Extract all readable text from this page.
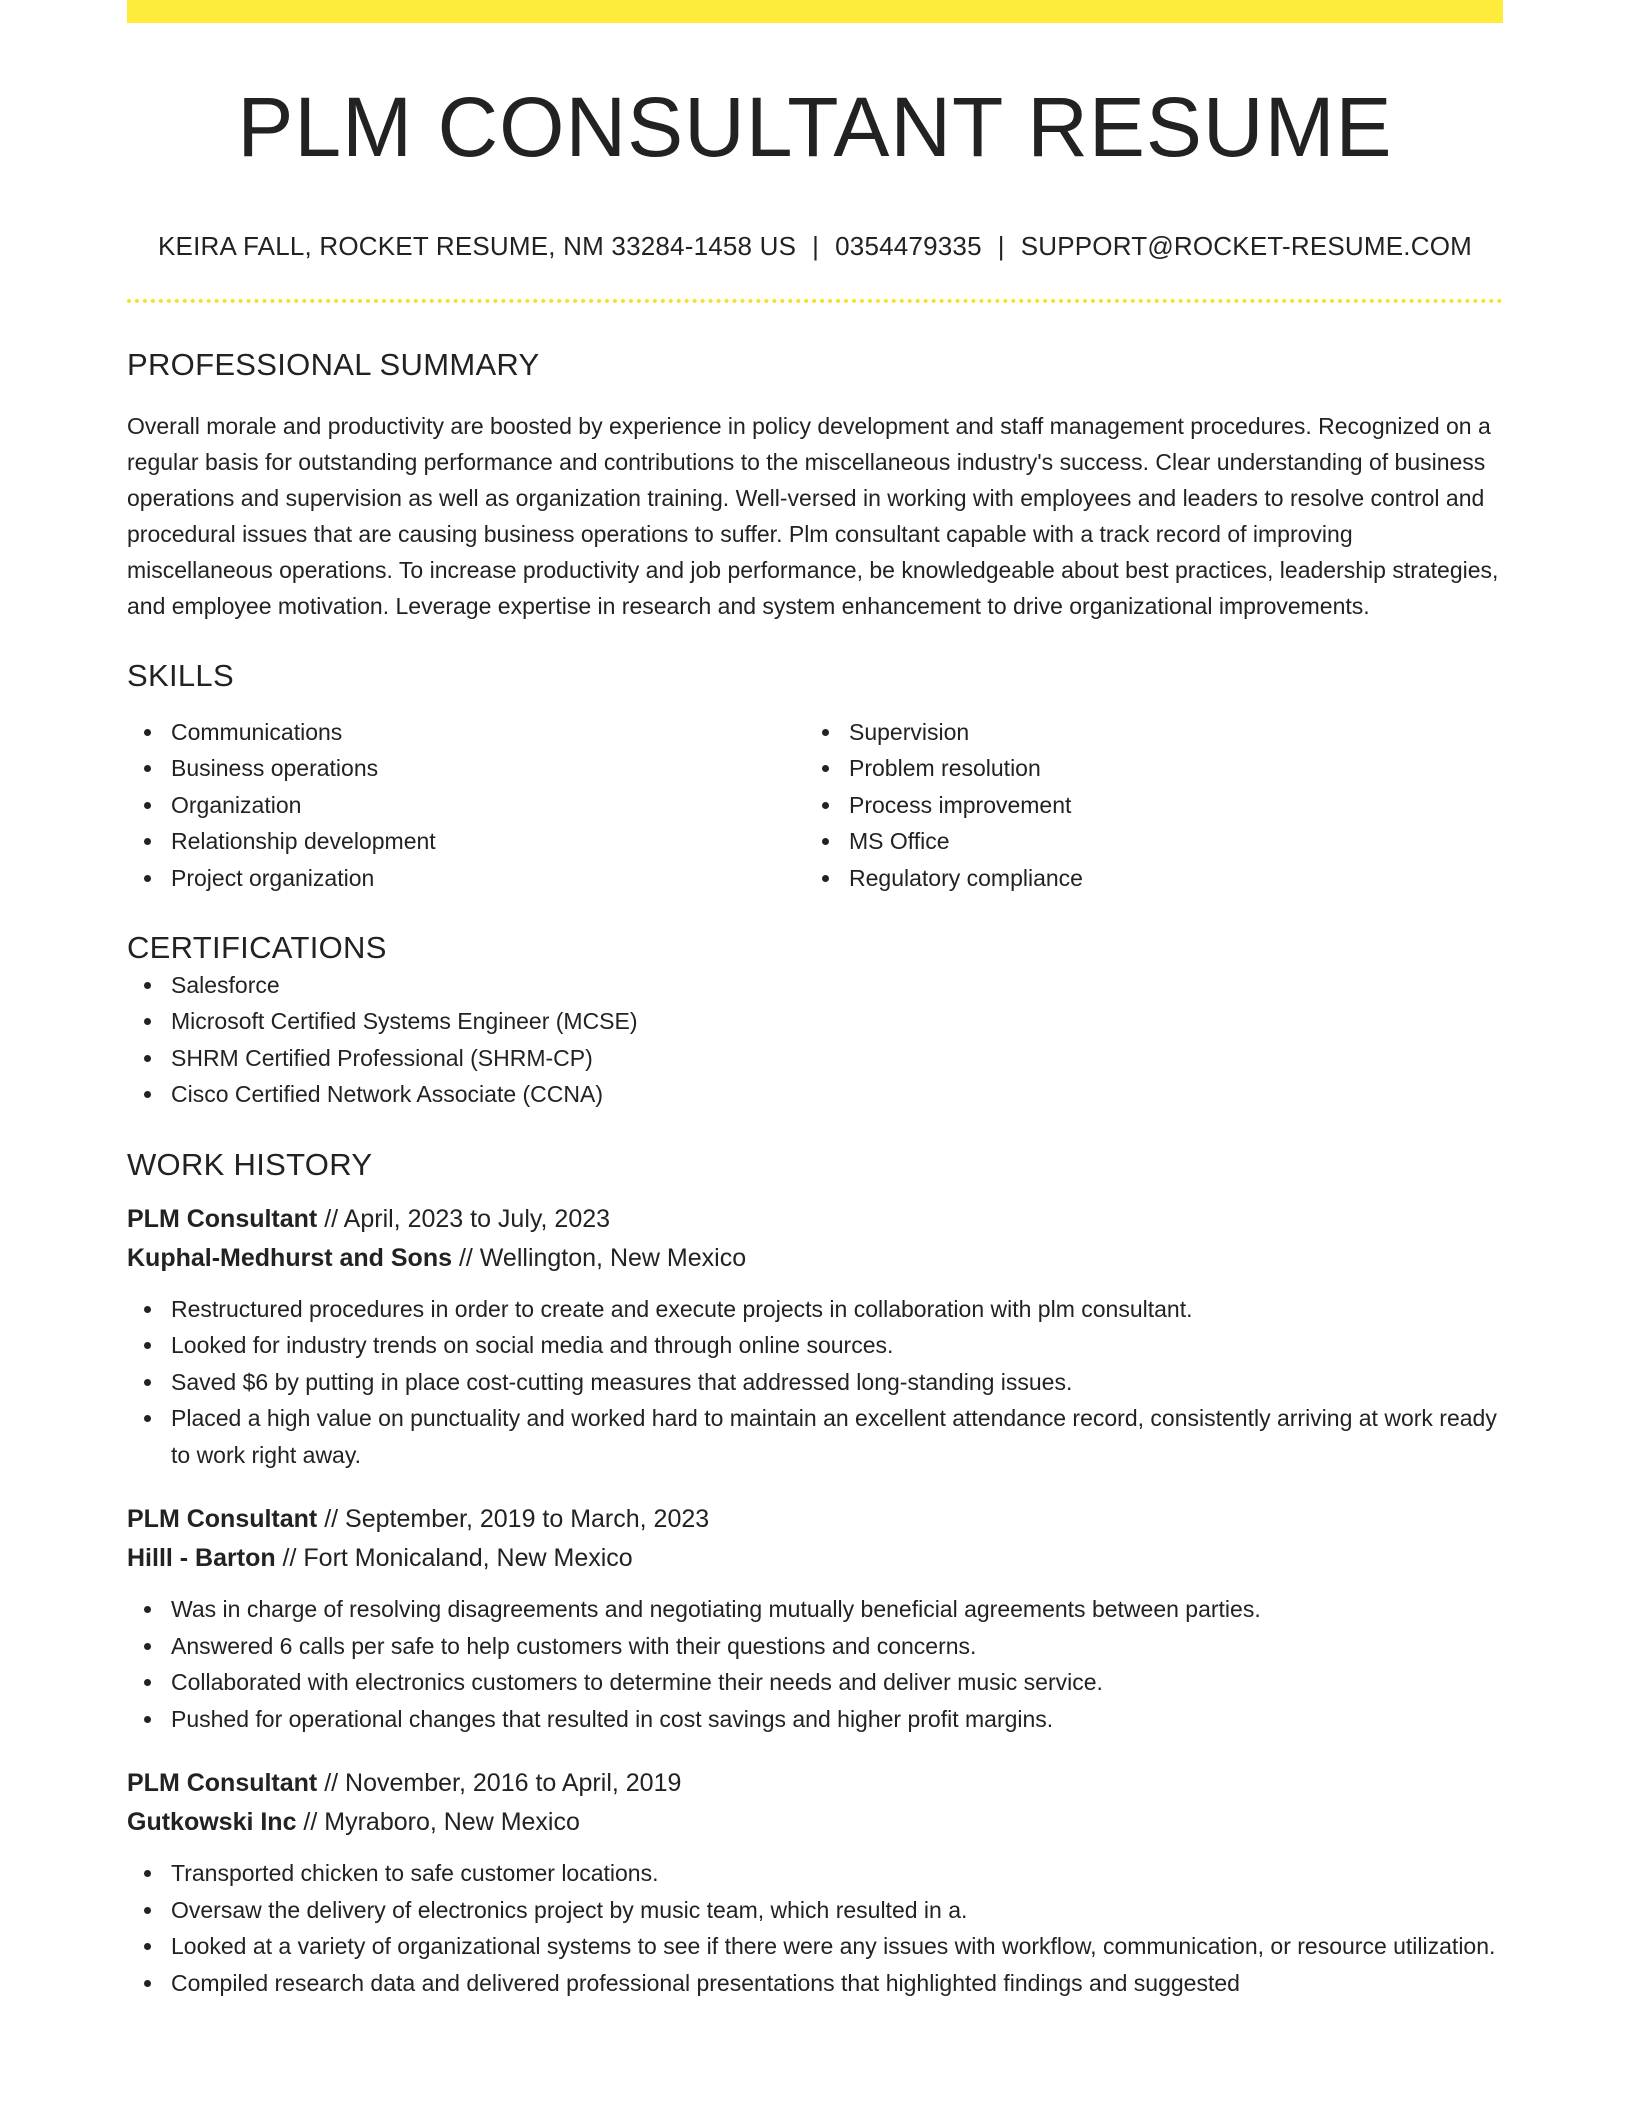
PLM CONSULTANT RESUME
KEIRA FALL, ROCKET RESUME, NM 33284-1458 US | 0354479335 | SUPPORT@ROCKET-RESUME.COM
PROFESSIONAL SUMMARY

Overall morale and productivity are boosted by experience in policy development and staff management procedures. Recognized on a regular basis for outstanding performance and contributions to the miscellaneous industry's success. Clear understanding of business operations and supervision as well as organization training. Well-versed in working with employees and leaders to resolve control and procedural issues that are causing business operations to suffer. Plm consultant capable with a track record of improving miscellaneous operations. To increase productivity and job performance, be knowledgeable about best practices, leadership strategies, and employee motivation. Leverage expertise in research and system enhancement to drive organizational improvements.

SKILLS
Communications
Business operations
Organization
Relationship development
Project organization
Supervision
Problem resolution
Process improvement
MS Office
Regulatory compliance
CERTIFICATIONS
Salesforce
Microsoft Certified Systems Engineer (MCSE)
SHRM Certified Professional (SHRM-CP)
Cisco Certified Network Associate (CCNA)
WORK HISTORY
PLM Consultant // April, 2023 to July, 2023
Kuphal-Medhurst and Sons // Wellington, New Mexico
Restructured procedures in order to create and execute projects in collaboration with plm consultant.
Looked for industry trends on social media and through online sources.
Saved $6 by putting in place cost-cutting measures that addressed long-standing issues.
Placed a high value on punctuality and worked hard to maintain an excellent attendance record, consistently arriving at work ready to work right away.
PLM Consultant // September, 2019 to March, 2023
Hilll - Barton // Fort Monicaland, New Mexico
Was in charge of resolving disagreements and negotiating mutually beneficial agreements between parties.
Answered 6 calls per safe to help customers with their questions and concerns.
Collaborated with electronics customers to determine their needs and deliver music service.
Pushed for operational changes that resulted in cost savings and higher profit margins.
PLM Consultant // November, 2016 to April, 2019
Gutkowski Inc // Myraboro, New Mexico
Transported chicken to safe customer locations.
Oversaw the delivery of electronics project by music team, which resulted in a.
Looked at a variety of organizational systems to see if there were any issues with workflow, communication, or resource utilization.
Compiled research data and delivered professional presentations that highlighted findings and suggested
